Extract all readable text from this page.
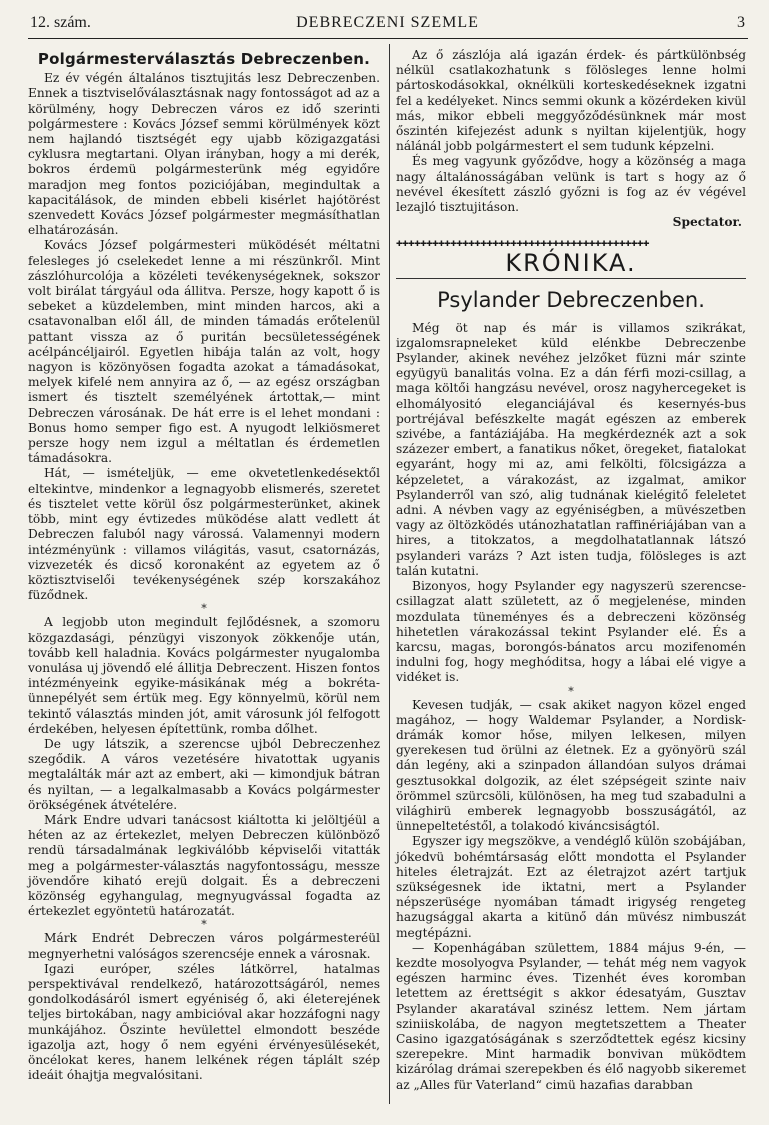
12. szám.	DEBRECZENI SZEMLE	3
Polgármesterválasztás Debreczenben.

Ez év végén általános tisztujitás lesz Debreczenben. Ennek a tisztviselőválasztásnak nagy fontosságot ad az a körülmény, hogy Debreczen város ez idő szerinti polgármestere : Kovács József semmi körülmények közt nem hajlandó tisztségét egy ujabb közigazgatási cyklusra megtartani. Olyan irányban, hogy a mi derék, bokros érdemü polgármesterünk még egyidőre maradjon meg fontos poziciójában, megindultak a kapacitálások, de minden ebbeli kisérlet hajótörést szenvedett Kovács József polgármester megmásíthatlan elhatározásán.

Kovács József polgármesteri müködését méltatni felesleges jó cselekedet lenne a mi részünkről. Mint zászlóhurcolója a közéleti tevékenységeknek, sokszor volt birálat tárgyául oda állitva. Persze, hogy kapott ő is sebeket a küzdelemben, mint minden harcos, aki a csatavonalban elől áll, de minden támadás erőtelenül pattant vissza az ő puritán becsületességének acélpáncéljairól. Egyetlen hibája talán az volt, hogy nagyon is közönyösen fogadta azokat a támadásokat, melyek kifelé nem annyira az ő, — az egész országban ismert és tisztelt személyének ártottak,— mint Debreczen városának. De hát erre is el lehet mondani : Bonus homo semper figo est. A nyugodt lelkiösmeret persze hogy nem izgul a méltatlan és érdemetlen támadásokra.

Hát, — ismételjük, — eme okvetetlenkedésektől eltekintve, mindenkor a legnagyobb elismerés, szeretet és tisztelet vette körül ősz polgármesterünket, akinek több, mint egy évtizedes müködése alatt vedlett át Debreczen faluból nagy várossá. Valamennyi modern intézményünk : villamos világitás, vasut, csatornázás, vizvezeték és dicső koronaként az egyetem az ő köztisztviselői tevékenységének szép korszakához füződnek.

*

A legjobb uton megindult fejlődésnek, a szomoru közgazdasági, pénzügyi viszonyok zökkenője után, tovább kell haladnia. Kovács polgármester nyugalomba vonulása uj jövendő elé állitja Debreczent. Hiszen fontos intézményeink egyike-másikának még a bokréta-ünnepélyét sem értük meg. Egy könnyelmü, körül nem tekintő választás minden jót, amit városunk jól felfogott érdekében, helyesen építettünk, romba dőlhet.

De ugy látszik, a szerencse ujból Debreczenhez szegődik. A város vezetésére hivatottak ugyanis megtalálták már azt az embert, aki — kimondjuk bátran és nyiltan, — a legalkalmasabb a Kovács polgármester örökségének átvételére.

Márk Endre udvari tanácsost kiáltotta ki jelöltjéül a héten az az értekezlet, melyen Debreczen különböző rendü társadalmának legkiválóbb képviselői vitatták meg a polgármester-választás nagyfontosságu, messze jövendőre kiható erejü dolgait. És a debreczeni közönség egyhangulag, megnyugvással fogadta az értekezlet egyöntetü határozatát.

*

Márk Endrét Debreczen város polgármesteréül megnyerhetni valóságos szerencséje ennek a városnak.

Igazi európer, széles látkörrel, hatalmas perspektivával rendelkező, határozottságáról, nemes gondolkodásáról ismert egyéniség ő, aki életerejének teljes birtokában, nagy ambicióval akar hozzáfogni nagy munkájához. Őszinte hevülettel elmondott beszéde igazolja azt, hogy ő nem egyéni érvényesülésekét, öncélokat keres, hanem lelkének régen táplált szép ideáit óhajtja megvalósitani.

Az ő zászlója alá igazán érdek- és pártkülönbség nélkül csatlakozhatunk s fölösleges lenne holmi pártoskodásokkal, oknélküli korteskedéseknek izgatni fel a kedélyeket. Nincs semmi okunk a közérdeken kivül más, mikor ebbeli meggyőződésünknek már most őszintén kifejezést adunk s nyiltan kijelentjük, hogy nálánál jobb polgármestert el sem tudunk képzelni.

És meg vagyunk győződve, hogy a közönség a maga nagy általánosságában velünk is tart s hogy az ő nevével ékesített zászló győzni is fog az év végével lezajló tisztujitáson.

Spectator.

✚✚✚✚✚✚✚✚✚✚✚✚✚✚✚✚✚✚✚✚✚✚✚✚✚✚✚✚✚✚✚✚✚✚✚✚✚✚✚✚✚✚
KRÓNIKA.
Psylander Debreczenben.

Még öt nap és már is villamos szikrákat, izgalomsrapneleket küld elénkbe Debreczenbe Psylander, akinek nevéhez jelzőket füzni már szinte együgyü banalitás volna. Ez a dán férfi mozi-csillag, a maga költői hangzásu nevével, orosz nagyhercegeket is elhomályositó eleganciájával és kesernyés-bus portréjával befészkelte magát egészen az emberek szivébe, a fantáziájába. Ha megkérdeznék azt a sok százezer embert, a fanatikus nőket, öregeket, fiatalokat egyaránt, hogy mi az, ami felkölti, fölcsigázza a képzeletet, a várakozást, az izgalmat, amikor Psylanderről van szó, alig tudnának kielégitő feleletet adni. A névben vagy az egyéniségben, a müvészetben vagy az öltözködés utánozhatatlan raffinériájában van a hires, a titokzatos, a megdolhatatlannak látszó psylanderi varázs ? Azt isten tudja, fölösleges is azt talán kutatni.

Bizonyos, hogy Psylander egy nagyszerü szerencse-csillagzat alatt született, az ő megjelenése, minden mozdulata tüneményes és a debreczeni közönség hihetetlen várakozással tekint Psylander elé. És a karcsu, magas, borongós-bánatos arcu mozifenomén indulni fog, hogy meghóditsa, hogy a lábai elé vigye a vidéket is.

*

Kevesen tudják, — csak akiket nagyon közel enged magához, — hogy Waldemar Psylander, a Nordisk-drámák komor hőse, milyen lelkesen, milyen gyerekesen tud örülni az életnek. Ez a gyönyörü szál dán legény, aki a szinpadon állandóan sulyos drámai gesztusokkal dolgozik, az élet szépségeit szinte naiv örömmel szürcsöli, különösen, ha meg tud szabadulni a világhirü emberek legnagyobb bosszuságától, az ünnepeltetéstől, a tolakodó kiváncsiságtól.

Egyszer igy megszökve, a vendéglő külön szobájában, jókedvü bohémtársaság előtt mondotta el Psylander hiteles életrajzát. Ezt az életrajzot azért tartjuk szükségesnek ide iktatni, mert a Psylander népszerüsége nyomában támadt irigység rengeteg hazugsággal akarta a kitünő dán müvész nimbuszát megtépázni.

— Kopenhágában születtem, 1884 május 9-én, — kezdte mosolyogva Psylander, — tehát még nem vagyok egészen harminc éves. Tizenhét éves koromban letettem az érettségit s akkor édesatyám, Gusztav Psylander akaratával szinész lettem. Nem jártam sziniiskolába, de nagyon megtetszettem a Theater Casino igazgatóságának s szerződtettek egész kicsiny szerepekre. Mint harmadik bonvivan müködtem kizárólag drámai szerepekben és élő nagyobb sikeremet az „Alles für Vaterland“ cimü hazafias darabban
